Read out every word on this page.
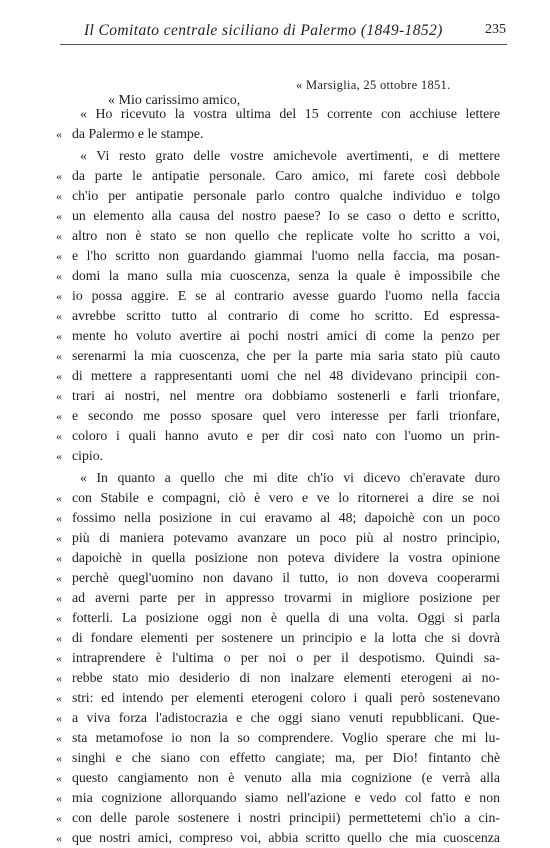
Il Comitato centrale siciliano di Palermo (1849-1852)	235
« Marsiglia, 25 ottobre 1851.
« Mio carissimo amico,
« Ho ricevuto la vostra ultima del 15 corrente con acchiuse lettere
« da Palermo e le stampe.
« Vi resto grato delle vostre amichevole avertimenti, e di mettere
« da parte le antipatie personale. Caro amico, mi farete così debbole
« ch'io per antipatie personale parlo contro qualche individuo e tolgo
« un elemento alla causa del nostro paese? Io se caso o detto e scritto,
« altro non è stato se non quello che replicate volte ho scritto a voi,
« e l'ho scritto non guardando giammai l'uomo nella faccia, ma posan-
« domi la mano sulla mia cuoscenza, senza la quale è impossibile che
« io possa aggire. E se al contrario avesse guardo l'uomo nella faccia
« avrebbe scritto tutto al contrario di come ho scritto. Ed espressa-
« mente ho voluto avertire ai pochi nostri amici di come la penzo per
« serenarmi la mia cuoscenza, che per la parte mia saria stato più cauto
« di mettere a rappresentanti uomi che nel 48 dividevano principii con-
« trari ai nostri, nel mentre ora dobbiamo sostenerli e farli trionfare,
« e secondo me posso sposare quel vero interesse per farli trionfare,
« coloro i quali hanno avuto e per dir così nato con l'uomo un prin-
« cipio.
« In quanto a quello che mi dite ch'io vi dicevo ch'eravate duro
« con Stabile e compagni, ciò è vero e ve lo ritornerei a dire se noi
« fossimo nella posizione in cui eravamo al 48; dapoichè con un poco
« più di maniera potevamo avanzare un poco più al nostro principio,
« dapoichè in quella posizione non poteva dividere la vostra opinione
« perchè quegl'uomino non davano il tutto, io non doveva cooperarmi
« ad averni parte per in appresso trovarmi in migliore posizione per
« fotterli. La posizione oggi non è quella di una volta. Oggi si parla
« di fondare elementi per sostenere un principio e la lotta che si dovrà
« intraprendere è l'ultima o per noi o per il despotismo. Quindi sa-
« rebbe stato mio desiderio di non inalzare elementi eterogeni ai no-
« stri: ed intendo per elementi eterogeni coloro i quali però sostenevano
« a viva forza l'adistocrazia e che oggi siano venuti repubblicani. Que-
« sta metamofose io non la so comprendere. Voglio sperare che mi lu-
« singhi e che siano con effetto cangiate; ma, per Dio! fintanto chè
« questo cangiamento non è venuto alla mia cognizione (e verrà alla
« mia cognizione allorquando siamo nell'azione e vedo col fatto e non
« con delle parole sostenere i nostri principii) permettetemi ch'io a cin-
« que nostri amici, compreso voi, abbia scritto quello che mia cuoscenza
